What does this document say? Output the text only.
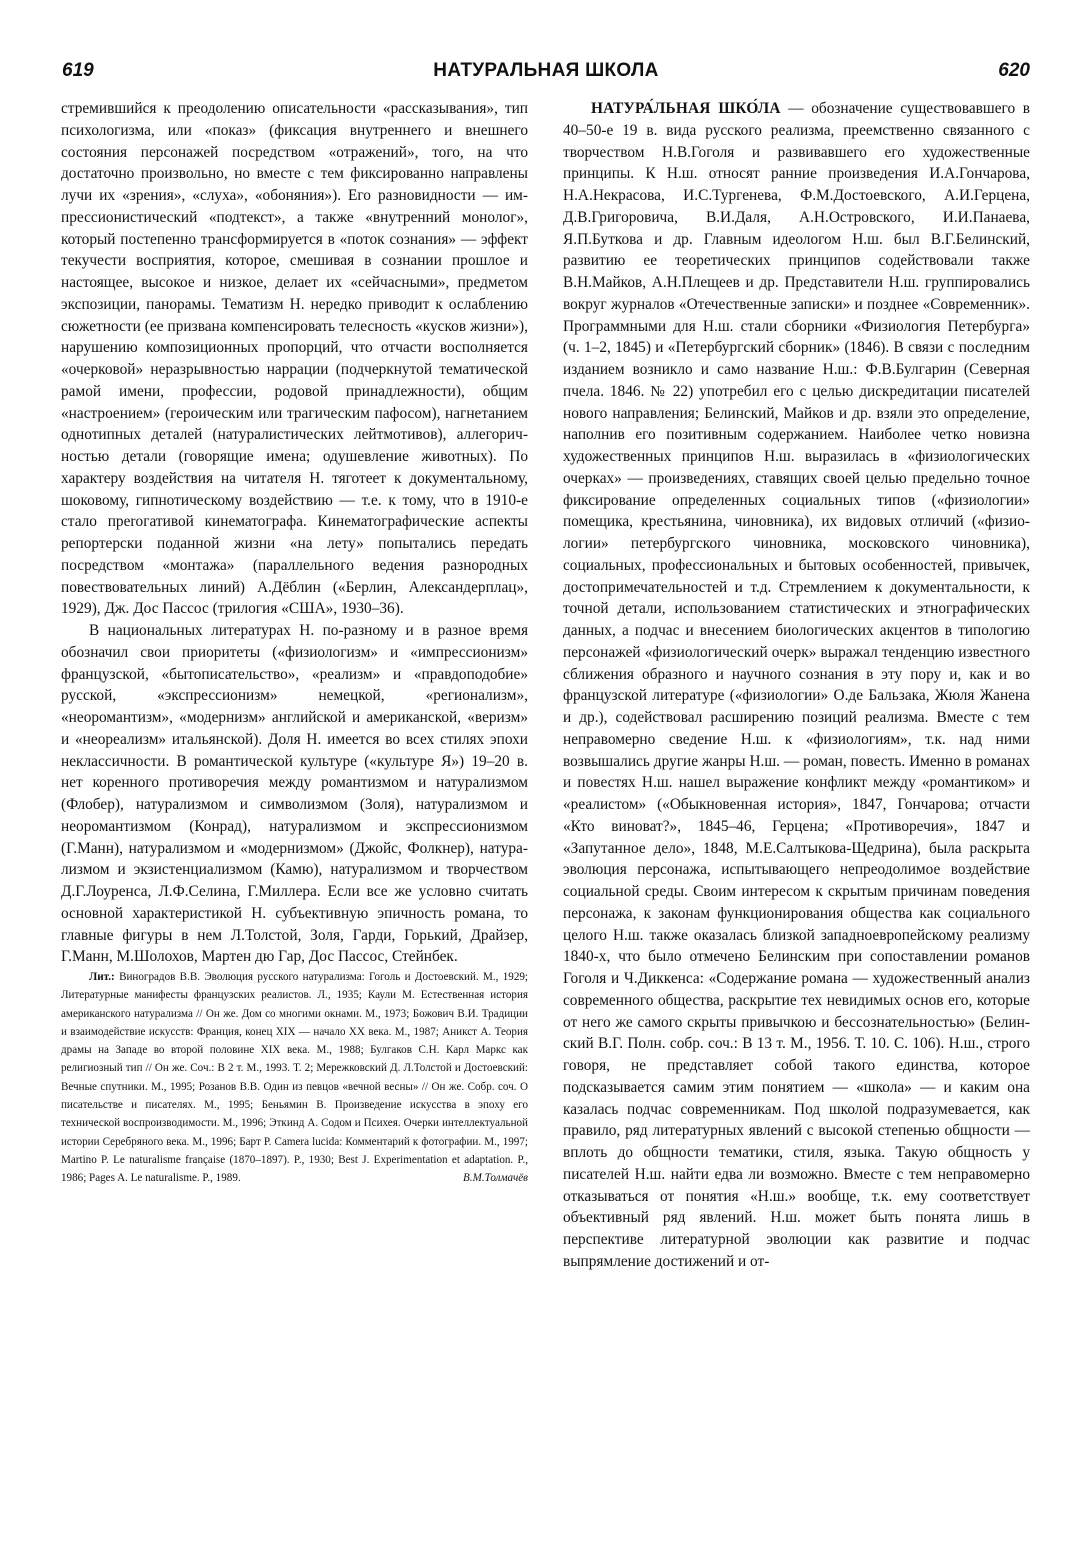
619	НАТУРАЛЬНАЯ ШКОЛА	620

стремившийся к преодолению описательности «рассказывания», тип психологизма, или «показ» (фиксация внутреннего и внешнего состояния персонажей посредством «отражений», того, на что достаточно произвольно, но вместе с тем фиксированно направлены лучи их «зрения», «слуха», «обоняния»). Его разновидности — импрессионистический «подтекст», а также «внутренний монолог», который постепенно трансформируется в «поток сознания» — эффект текучести восприятия, которое, смешивая в сознании прошлое и настоящее, высокое и низкое, делает их «сейчасными», предметом экспозиции, панорамы. Тематизм Н. нередко приводит к ослаблению сюжетности (ее призвана компенсировать телесность «кусков жизни»), нарушению композиционных пропорций, что отчасти восполняется «очерковой» неразрывностью наррации (подчеркнутой тематической рамой имени, профессии, родовой принадлежности), общим «настроением» (героическим или трагическим пафосом), нагнетанием однотипных деталей (натуралистических лейтмотивов), аллегоричностью детали (говорящие имена; одушевление животных). По характеру воздействия на читателя Н. тяготеет к документальному, шоковому, гипнотическому воздействию — т.е. к тому, что в 1910-е стало прeroгативой кинематографа. Кинематографические аспекты репортерски поданной жизни «на лету» попытались передать посредством «монтажа» (параллельного ведения разнородных повествовательных линий) А.Дёблин («Берлин, Александерплац», 1929), Дж. Дос Пассос (трилогия «США», 1930–36).

В национальных литературах Н. по-разному и в разное время обозначил свои приоритеты («физиологизм» и «импрессионизм» французской, «бытописательство», «реализм» и «правдоподобие» русской, «экспрессионизм» немецкой, «регионализм», «неоромантизм», «модернизм» английской и американской, «веризм» и «неореализм» итальянской). Доля Н. имеется во всех стилях эпохи неклассичности. В романтической культуре («культуре Я») 19–20 в. нет коренного противоречия между романтизмом и натурализмом (Флобер), натурализмом и символизмом (Золя), натурализмом и неоромантизмом (Конрад), натурализмом и экспрессионизмом (Г.Манн), натурализмом и «модернизмом» (Джойс, Фолкнер), натурализмом и экзистенциализмом (Камю), натурализмом и творчеством Д.Г.Лоуренса, Л.Ф.Селина, Г.Миллера. Если все же условно считать основной характеристикой Н. субъективную эпичность романа, то главные фигуры в нем Л.Толстой, Золя, Гарди, Горький, Драйзер, Г.Манн, М.Шолохов, Мартен дю Гар, Дос Пассос, Стейнбек.

Лит.: Виноградов В.В. Эволюция русского натурализма: Гоголь и Достоевский. М., 1929; Литературные манифесты французских реалистов. Л., 1935; Каули М. Естественная история американского натурализма // Он же. Дом со многими окнами. М., 1973; Божович В.И. Традиции и взаимодействие искусств: Франция, конец XIX — начало XX века. М., 1987; Аникст А. Теория драмы на Западе во второй половине XIX века. М., 1988; Булгаков С.Н. Карл Маркс как религиозный тип // Он же. Соч.: В 2 т. М., 1993. Т. 2; Мережковский Д. Л.Толстой и Достоевский: Вечные спутники. М., 1995; Розанов В.В. Один из певцов «вечной весны» // Он же. Собр. соч. О писательстве и писателях. М., 1995; Беньямин В. Произведение искусства в эпоху его технической воспроизводимости. М., 1996; Эткинд А. Содом и Психея. Очерки интеллектуальной истории Серебряного века. М., 1996; Барт Р. Camera lucida: Комментарий к фотографии. М., 1997; Martino P. Le naturalisme française (1870–1897). P., 1930; Best J. Experimentation et adaptation. P., 1986; Pages A. Le naturalisme. P., 1989.	В.М.Толмачёв

НАТУРА́ЛЬНАЯ ШКО́ЛА — обозначение существовавшего в 40–50-е 19 в. вида русского реализма, преемственно связанного с творчеством Н.В.Гоголя и развивавшего его художественные принципы. К Н.ш. относят ранние произведения И.А.Гончарова, Н.А.Некрасова, И.С.Тургенева, Ф.М.Достоевского, А.И.Герцена, Д.В.Григоровича, В.И.Даля, А.Н.Островского, И.И.Панаева, Я.П.Буткова и др. Главным идеологом Н.ш. был В.Г.Белинский, развитию ее теоретических принципов содействовали также В.Н.Майков, А.Н.Плещеев и др. Представители Н.ш. группировались вокруг журналов «Отечественные записки» и позднее «Современник». Программными для Н.ш. стали сборники «Физиология Петербурга» (ч. 1–2, 1845) и «Петербургский сборник» (1846). В связи с последним изданием возникло и само название Н.ш.: Ф.В.Булгарин (Северная пчела. 1846. № 22) употребил его с целью дискредитации писателей нового направления; Белинский, Майков и др. взяли это определение, наполнив его позитивным содержанием. Наиболее четко новизна художественных принципов Н.ш. выразилась в «физиологических очерках» — произведениях, ставящих своей целью предельно точное фиксирование определенных социальных типов («физиологии» помещика, крестьянина, чиновника), их видовых отличий («физиологии» петербургского чиновника, московского чиновника), социальных, профессиональных и бытовых особенностей, привычек, достопримечательностей и т.д. Стремлением к документальности, к точной детали, использованием статистических и этнографических данных, а подчас и внесением биологических акцентов в типологию персонажей «физиологический очерк» выражал тенденцию известного сближения образного и научного сознания в эту пору и, как и во французской литературе («физиологии» О.де Бальзака, Жюля Жанена и др.), содействовал расширению позиций реализма. Вместе с тем неправомерно сведение Н.ш. к «физиологиям», т.к. над ними возвышались другие жанры Н.ш. — роман, повесть. Именно в романах и повестях Н.ш. нашел выражение конфликт между «романтиком» и «реалистом» («Обыкновенная история», 1847, Гончарова; отчасти «Кто виноват?», 1845–46, Герцена; «Противоречия», 1847 и «Запутанное дело», 1848, М.Е.Салтыкова-Щедрина), была раскрыта эволюция персонажа, испытывающего непреодолимое воздействие социальной среды. Своим интересом к скрытым причинам поведения персонажа, к законам функционирования общества как социального целого Н.ш. также оказалась близкой западноевропейскому реализму 1840-х, что было отмечено Белинским при сопоставлении романов Гоголя и Ч.Диккенса: «Содержание романа — художественный анализ современного общества, раскрытие тех невидимых основ его, которые от него же самого скрыты привычкою и бессознательностью» (Белинский В.Г. Полн. собр. соч.: В 13 т. М., 1956. Т. 10. С. 106). Н.ш., строго говоря, не представляет собой такого единства, которое подсказывается самим этим понятием — «школа» — и каким она казалась подчас современникам. Под школой подразумевается, как правило, ряд литературных явлений с высокой степенью общности — вплоть до общности тематики, стиля, языка. Такую общность у писателей Н.ш. найти едва ли возможно. Вместе с тем неправомерно отказываться от понятия «Н.ш.» вообще, т.к. ему соответствует объективный ряд явлений. Н.ш. может быть понята лишь в перспективе литературной эволюции как развитие и подчас выпрямление достижений и от-
